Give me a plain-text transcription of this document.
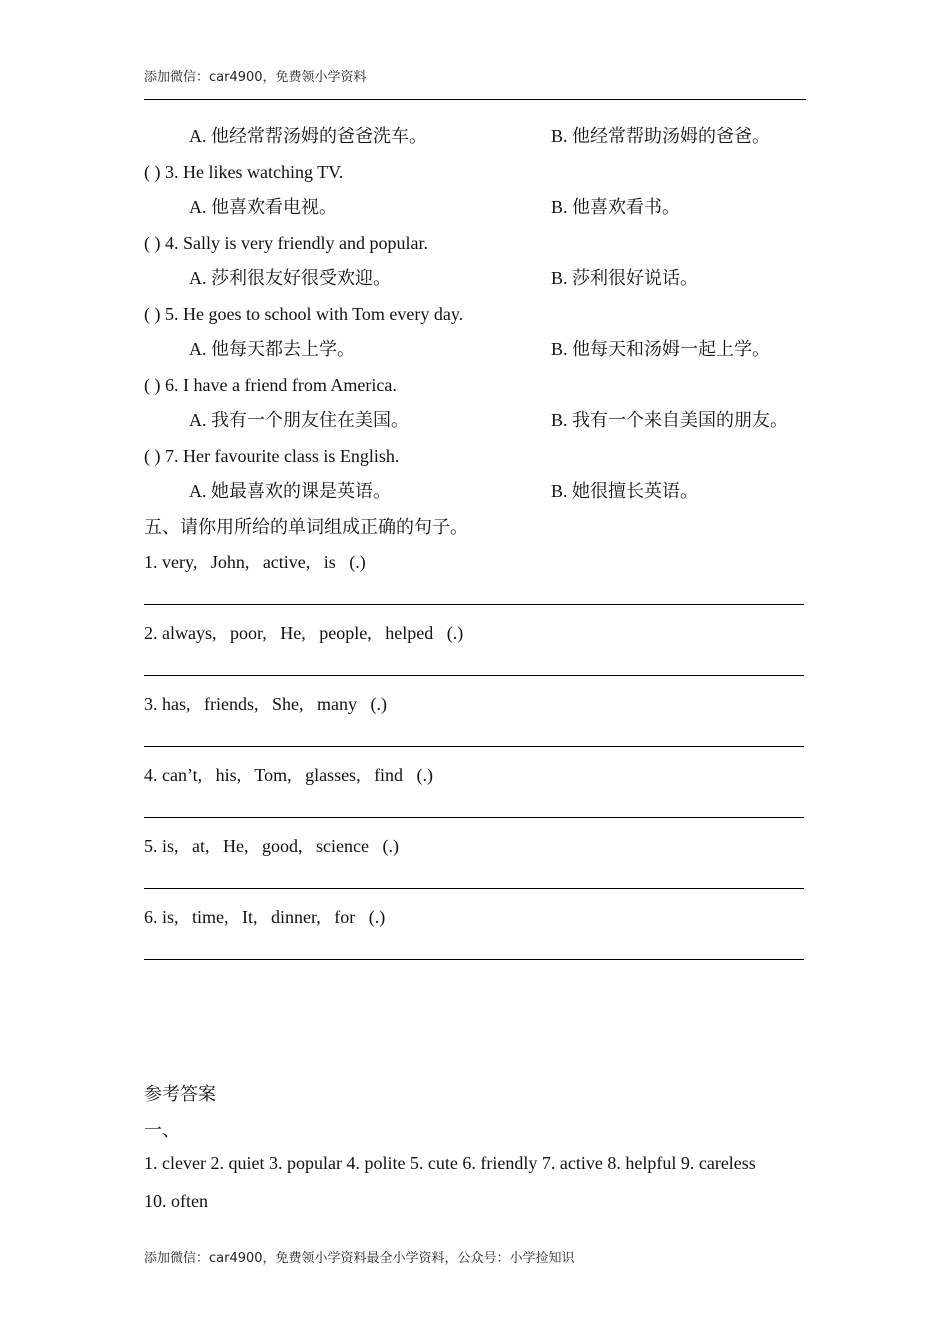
添加微信：car4900，免费领小学资料
A. 他经常帮汤姆的爸爸洗车。	B. 他经常帮助汤姆的爸爸。
( ) 3. He likes watching TV.
A. 他喜欢看电视。	B. 他喜欢看书。
( ) 4. Sally is very friendly and popular.
A. 莎利很友好很受欢迎。	B. 莎利很好说话。
( ) 5. He goes to school with Tom every day.
A. 他每天都去上学。	B. 他每天和汤姆一起上学。
( ) 6. I have a friend from America.
A. 我有一个朋友住在美国。	B. 我有一个来自美国的朋友。
( ) 7. Her favourite class is English.
A. 她最喜欢的课是英语。	B. 她很擅长英语。
五、请你用所给的单词组成正确的句子。
1. very,   John,   active,   is   (.)
2. always,   poor,   He,   people,   helped   (.)
3. has,   friends,   She,   many   (.)
4. can’t,   his,   Tom,   glasses,   find   (.)
5. is,   at,   He,   good,   science   (.)
6. is,   time,   It,   dinner,   for   (.)
参考答案
一、
1. clever 2. quiet 3. popular 4. polite 5. cute 6. friendly 7. active 8. helpful 9. careless
10. often
添加微信：car4900，免费领小学资料最全小学资料，公众号：小学捡知识
